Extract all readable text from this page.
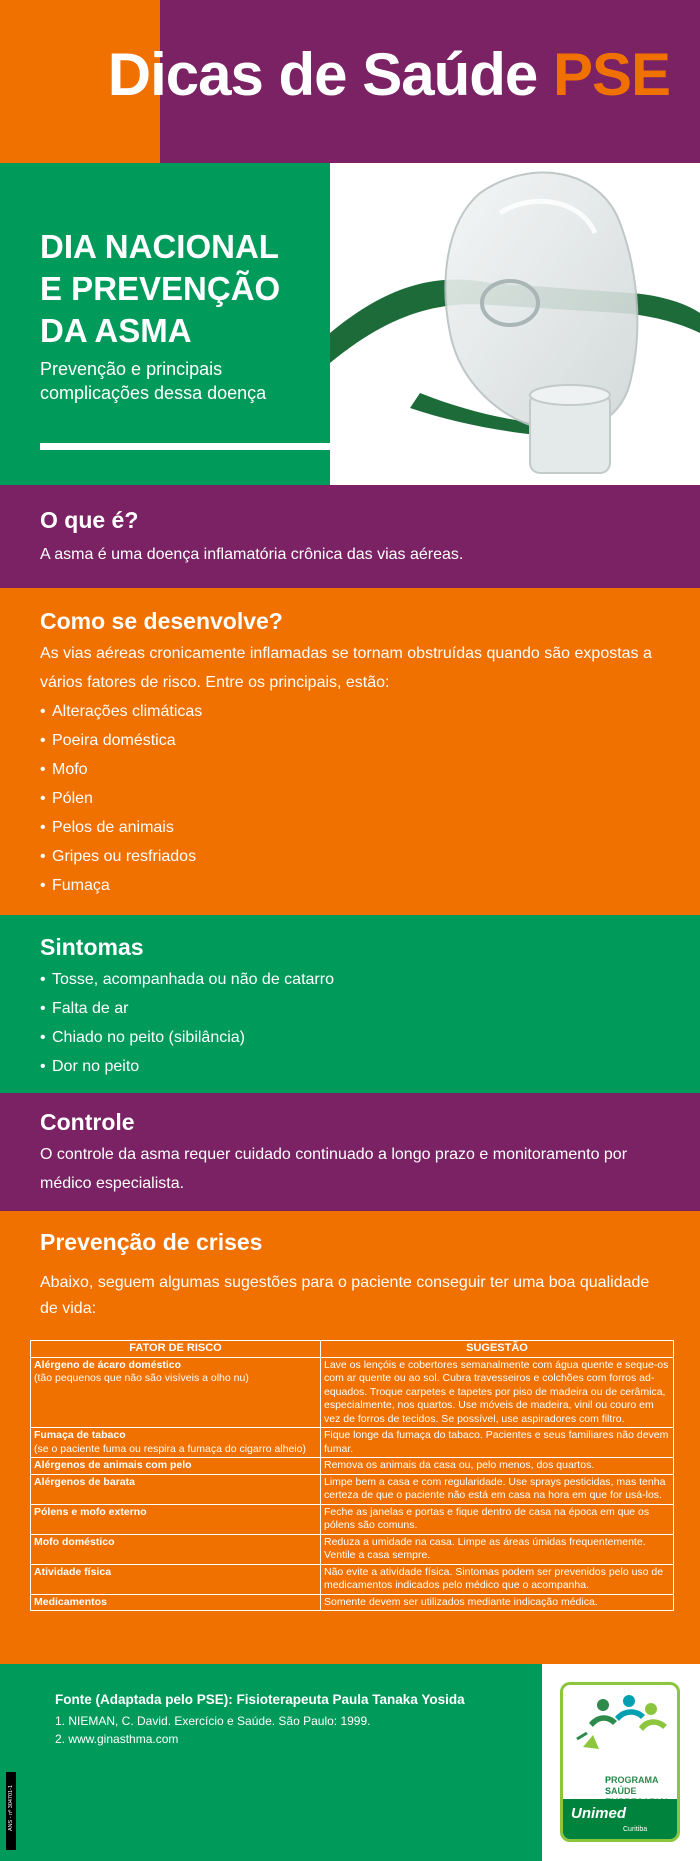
Dicas de Saúde PSE
DIA NACIONAL
E PREVENÇÃO
DA ASMA
Prevenção e principais complicações dessa doença
O que é?

A asma é uma doença inflamatória crônica das vias aéreas.

Como se desenvolve?

As vias aéreas cronicamente inflamadas se tornam obstruídas quando são expostas a vários fatores de risco. Entre os principais, estão:

• Alterações climáticas
• Poeira doméstica
• Mofo
• Pólen
• Pelos de animais
• Gripes ou resfriados
• Fumaça
Sintomas
• Tosse, acompanhada ou não de catarro
• Falta de ar
• Chiado no peito (sibilância)
• Dor no peito
Controle

O controle da asma requer cuidado continuado a longo prazo e monitoramento por médico especialista.

Prevenção de crises

Abaixo, seguem algumas sugestões para o paciente conseguir ter uma boa qualidade de vida:

FATOR DE RISCO	SUGESTÃO

Alérgeno de ácaro doméstico
(tão pequenos que não são visíveis a olho nu)	Lave os lençóis e cobertores semanalmente com água quente e seque-os com ar quente ou ao sol. Cubra travesseiros e colchões com forros ad-equados. Troque carpetes e tapetes por piso de madeira ou de cerâmica, especialmente, nos quartos. Use móveis de madeira, vinil ou couro em vez de forros de tecidos. Se possível, use aspiradores com filtro.

Fumaça de tabaco
(se o paciente fuma ou respira a fumaça do cigarro alheio)	Fique longe da fumaça do tabaco. Pacientes e seus familiares não devem fumar.

Alérgenos de animais com pelo	Remova os animais da casa ou, pelo menos, dos quartos.

Alérgenos de barata	Limpe bem a casa e com regularidade. Use sprays pesticidas, mas tenha certeza de que o paciente não está em casa na hora em que for usá-los.

Pólens e mofo externo	Feche as janelas e portas e fique dentro de casa na época em que os pólens são comuns.

Mofo doméstico	Reduza a umidade na casa. Limpe as áreas úmidas frequentemente. Ventile a casa sempre.

Atividade física	Não evite a atividade física. Sintomas podem ser prevenidos pelo uso de medicamentos indicados pelo médico que o acompanha.

Medicamentos	Somente devem ser utilizados mediante indicação médica.
Fonte (Adaptada pelo PSE): Fisioterapeuta Paula Tanaka Yosida
1. NIEMAN, C. David. Exercício e Saúde. São Paulo: 1999.
2. www.ginasthma.com
ANS - nº 304701-1
PROGRAMA
SAÚDE

Unimed
Curitiba
